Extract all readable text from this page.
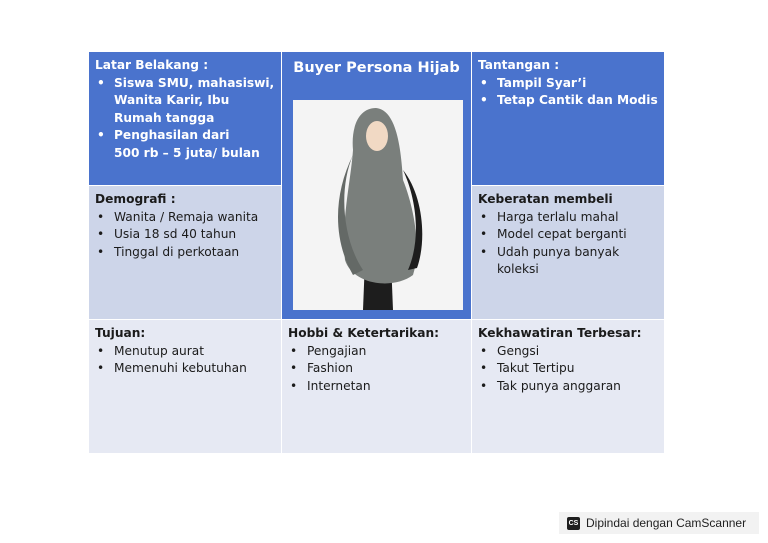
Latar Belakang :
• Siswa SMU, mahasiswi, Wanita Karir, Ibu Rumah tangga
• Penghasilan dari
500 rb – 5 juta/ bulan
Buyer Persona Hijab	Tantangan :
• Tampil Syar’i
• Tetap Cantik dan Modis
Demografi :
• Wanita / Remaja wanita
• Usia 18 sd 40 tahun
• Tinggal di perkotaan
Keberatan membeli
• Harga terlalu mahal
• Model cepat berganti
• Udah punya banyak koleksi
Tujuan:
• Menutup aurat
• Memenuhi kebutuhan
Hobbi & Ketertarikan:
• Pengajian
• Fashion
• Internetan
Kekhawatiran Terbesar:
• Gengsi
• Takut Tertipu
• Tak punya anggaran
CS Dipindai dengan CamScanner
